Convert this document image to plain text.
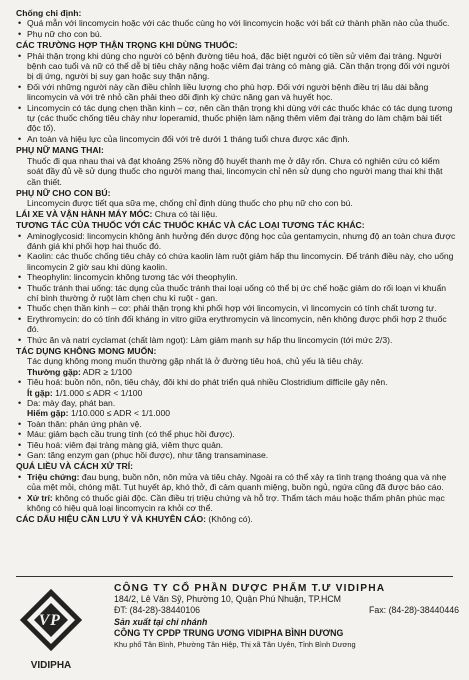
Chống chỉ định:
• Quá mẫn với lincomycin hoặc với các thuốc cùng họ với lincomycin hoặc với bất cứ thành phần nào của thuốc.
• Phụ nữ cho con bú.
CÁC TRƯỜNG HỢP THẬN TRỌNG KHI DÙNG THUỐC:
• Phải thận trọng khi dùng cho người có bệnh đường tiêu hoá, đặc biệt người có tiền sử viêm đại tràng. Người bệnh cao tuổi và nữ có thể dễ bị tiêu chảy nặng hoặc viêm đại tràng có màng giả. Cần thận trọng đối với người bị dị ứng, người bị suy gan hoặc suy thận nặng.
• Đối với những người này cần điều chỉnh liều lượng cho phù hợp. Đối với người bệnh điều trị lâu dài bằng lincomycin và với trẻ nhỏ cần phải theo dõi định kỳ chức năng gan và huyết học.
• Lincomycin có tác dụng chẹn thần kinh – cơ, nên cần thận trọng khi dùng với các thuốc khác có tác dụng tương tự (các thuốc chống tiêu chảy như loperamid, thuốc phiện làm nặng thêm viêm đại tràng do làm chậm bài tiết độc tố).
• An toàn và hiệu lực của lincomycin đối với trẻ dưới 1 tháng tuổi chưa được xác định.
PHỤ NỮ MANG THAI:
Thuốc đi qua nhau thai và đạt khoảng 25% nồng độ huyết thanh mẹ ở dây rốn. Chưa có nghiên cứu có kiểm soát đầy đủ về sử dụng thuốc cho người mang thai, lincomycin chỉ nên sử dụng cho người mang thai khi thật cần thiết.
PHỤ NỮ CHO CON BÚ:
Lincomycin được tiết qua sữa mẹ, chống chỉ định dùng thuốc cho phụ nữ cho con bú.
LÁI XE VÀ VẬN HÀNH MÁY MÓC: Chưa có tài liệu.
TƯƠNG TÁC CỦA THUỐC VỚI CÁC THUỐC KHÁC VÀ CÁC LOẠI TƯƠNG TÁC KHÁC:
• Aminoglycosid: lincomycin không ảnh hưởng đến dược động học của gentamycin, nhưng độ an toàn chưa được đánh giá khi phối hợp hai thuốc đó.
• Kaolin: các thuốc chống tiêu chảy có chứa kaolin làm ruột giảm hấp thu lincomycin. Để tránh điều này, cho uống lincomycin 2 giờ sau khi dùng kaolin.
• Theophylin: lincomycin không tương tác với theophylin.
• Thuốc tránh thai uống: tác dụng của thuốc tránh thai loại uống có thể bị ức chế hoặc giảm do rối loạn vi khuẩn chí bình thường ở ruột làm chẹn chu kì ruột - gan.
• Thuốc chẹn thần kinh – cơ: phải thận trọng khi phối hợp với lincomycin, vì lincomycin có tính chất tương tự.
• Erythromycin: do có tính đối kháng in vitro giữa erythromycin và lincomycin, nên không được phối hợp 2 thuốc đó.
• Thức ăn và natri cyclamat (chất làm ngọt): Làm giảm mạnh sự hấp thu lincomycin (tới mức 2/3).
TÁC DỤNG KHÔNG MONG MUỐN:
Tác dụng không mong muốn thường gặp nhất là ở đường tiêu hoá, chủ yếu là tiêu chảy.
Thường gặp: ADR ≥ 1/100
• Tiêu hoá: buồn nôn, nôn, tiêu chảy, đôi khi do phát triển quá nhiều Clostridium difficile gây nên.
Ít gặp: 1/1.000 ≤ ADR < 1/100
• Da: mày đay, phát ban.
Hiếm gặp: 1/10.000 ≤ ADR < 1/1.000
• Toàn thân: phản ứng phản vệ.
• Máu: giảm bạch cầu trung tính (có thể phục hồi được).
• Tiêu hoá: viêm đại tràng màng giả, viêm thực quản.
• Gan: tăng enzym gan (phục hồi được), như tăng transaminase.
QUÁ LIỀU VÀ CÁCH XỬ TRÍ:
• Triệu chứng: đau bụng, buồn nôn, nôn mửa và tiêu chảy. Ngoài ra có thể xảy ra tình trạng thoáng qua và nhẹ của mệt mỏi, chóng mặt. Tụt huyết áp, khó thở, đi cảm quanh miệng, buồn ngủ, ngứa cũng đã được báo cáo.
• Xử trí: không có thuốc giải độc. Cần điều trị triệu chứng và hỗ trợ. Thẩm tách máu hoặc thẩm phân phúc mạc không có hiệu quả loại lincomycin ra khỏi cơ thể.
CÁC DẤU HIỆU CẦN LƯU Ý VÀ KHUYÊN CÁO: (Không có).
V P
VIDIPHA
CÔNG TY CỔ PHẦN DƯỢC PHẨM T.Ư VIDIPHA
184/2, Lê Văn Sỹ, Phường 10, Quận Phú Nhuận, TP.HCM
ĐT: (84-28)-38440106	Fax: (84-28)-38440446
Sản xuất tại chi nhánh
CÔNG TY CPDP TRUNG ƯƠNG VIDIPHA BÌNH DƯƠNG
Khu phố Tân Bình, Phường Tân Hiệp, Thị xã Tân Uyên, Tỉnh Bình Dương
